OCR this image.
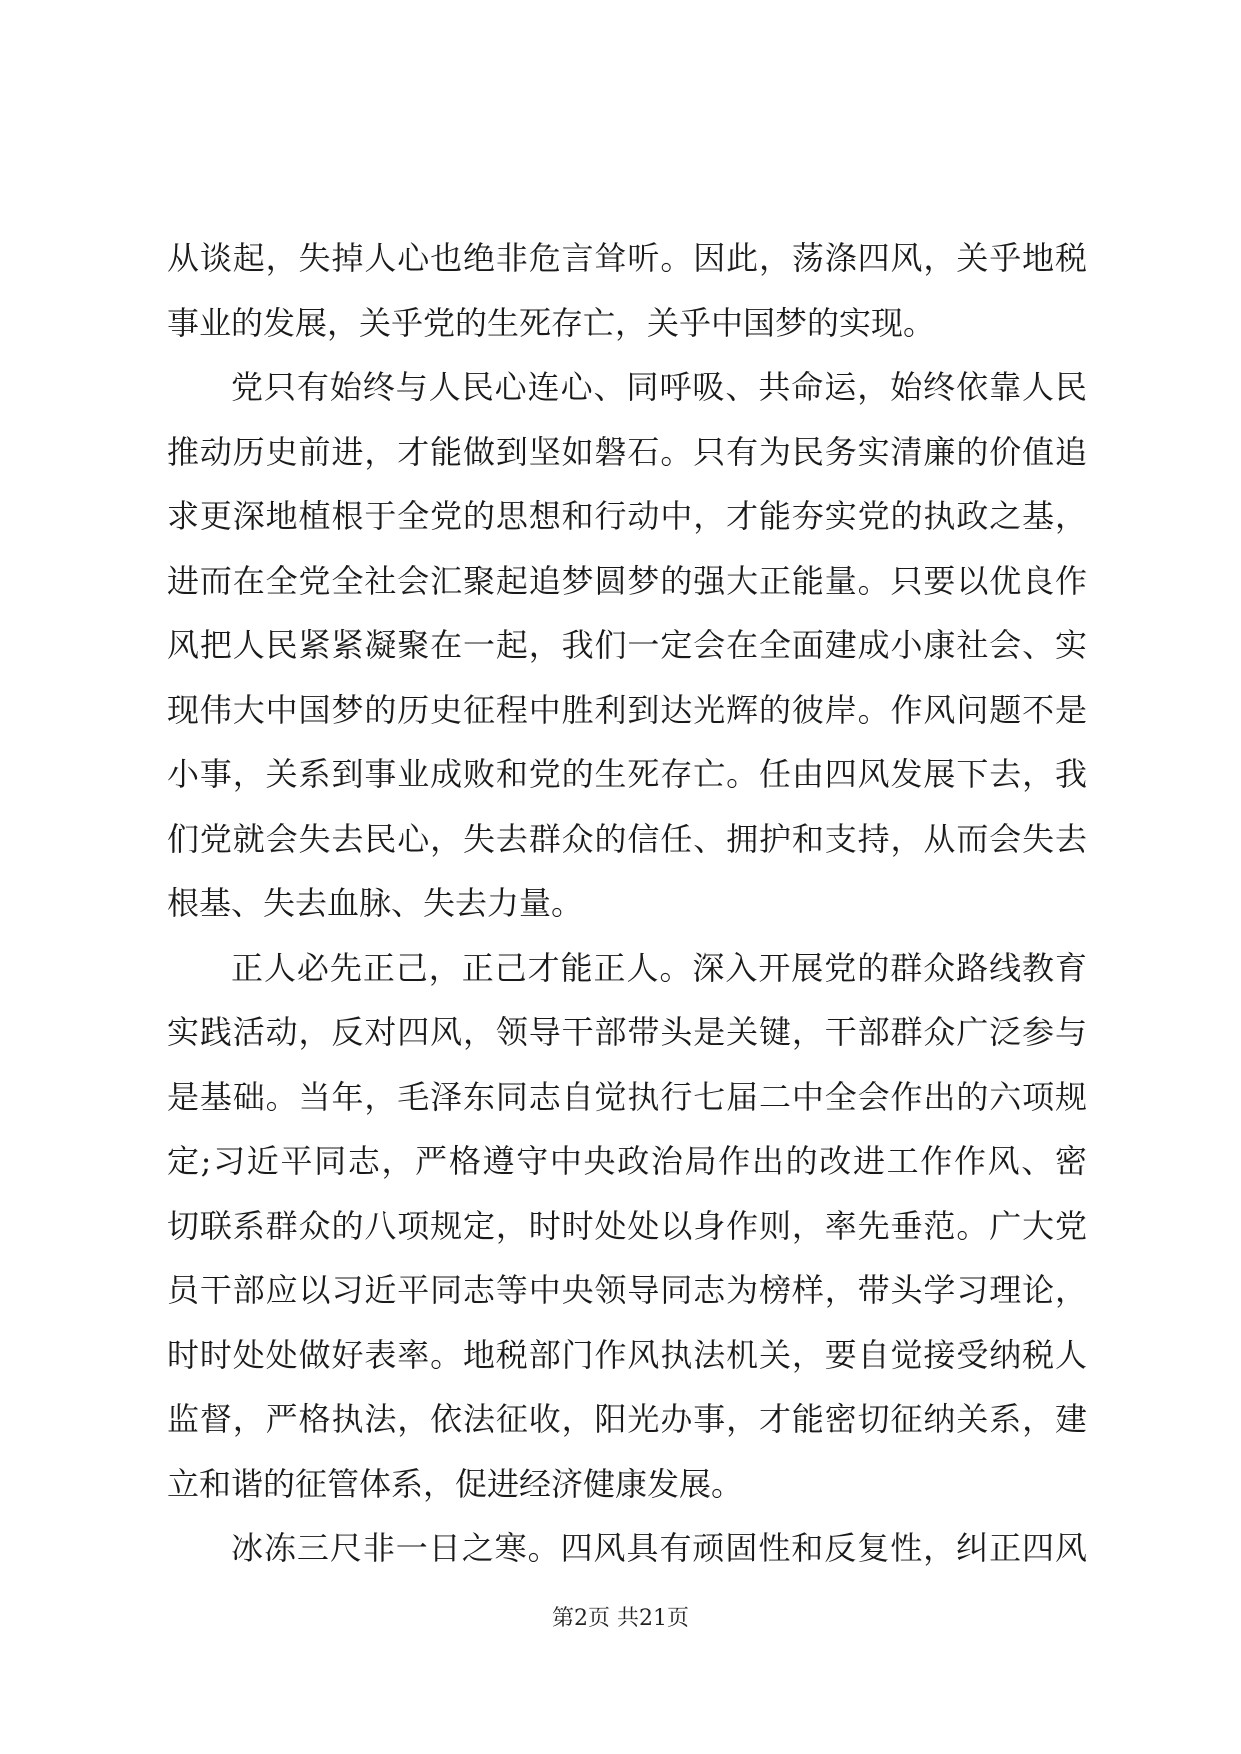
从谈起，失掉人心也绝非危言耸听。因此，荡涤四风，关乎地税
事业的发展，关乎党的生死存亡，关乎中国梦的实现。
党只有始终与人民心连心、同呼吸、共命运，始终依靠人民
推动历史前进，才能做到坚如磐石。只有为民务实清廉的价值追
求更深地植根于全党的思想和行动中，才能夯实党的执政之基，
进而在全党全社会汇聚起追梦圆梦的强大正能量。只要以优良作
风把人民紧紧凝聚在一起，我们一定会在全面建成小康社会、实
现伟大中国梦的历史征程中胜利到达光辉的彼岸。作风问题不是
小事，关系到事业成败和党的生死存亡。任由四风发展下去，我
们党就会失去民心，失去群众的信任、拥护和支持，从而会失去
根基、失去血脉、失去力量。
正人必先正己，正己才能正人。深入开展党的群众路线教育
实践活动，反对四风，领导干部带头是关键，干部群众广泛参与
是基础。当年，毛泽东同志自觉执行七届二中全会作出的六项规
定;习近平同志，严格遵守中央政治局作出的改进工作作风、密
切联系群众的八项规定，时时处处以身作则，率先垂范。广大党
员干部应以习近平同志等中央领导同志为榜样，带头学习理论，
时时处处做好表率。地税部门作风执法机关，要自觉接受纳税人
监督，严格执法，依法征收，阳光办事，才能密切征纳关系，建
立和谐的征管体系，促进经济健康发展。
冰冻三尺非一日之寒。四风具有顽固性和反复性，纠正四风
第2页 共21页
